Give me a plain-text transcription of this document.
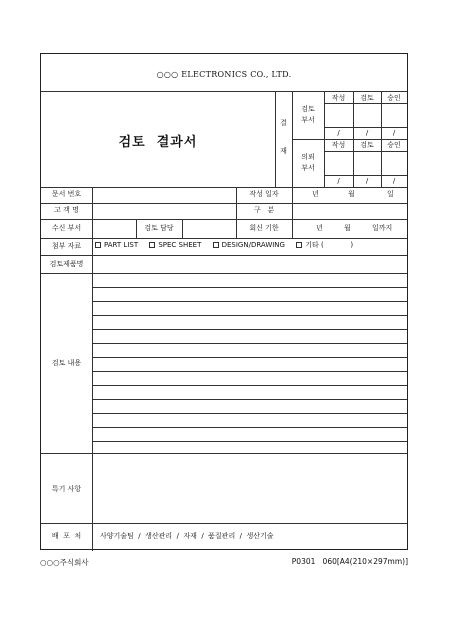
○○○ ELECTRONICS CO., LTD.
검토  결과서
결
재
검토
부서
작성	검토	승인
/	/	/
의뢰
부서
작성	검토	승인
/	/	/
문서 번호	작성 일자	년	월	일
고 객 명	구   분
수신 부서	검토 담당	회신 기한	년	월	일까지
첨부 자료	PART LIST	SPEC SHEET	DESIGN/DRAWING	기타 (            )
검토제품명
검토 내용
특기 사항
배  포  처	사양기술팀  /  생산관리  /  자재  /  품질관리  /  생산기술
○○○주식회사	P0301   060[A4(210×297mm)]
